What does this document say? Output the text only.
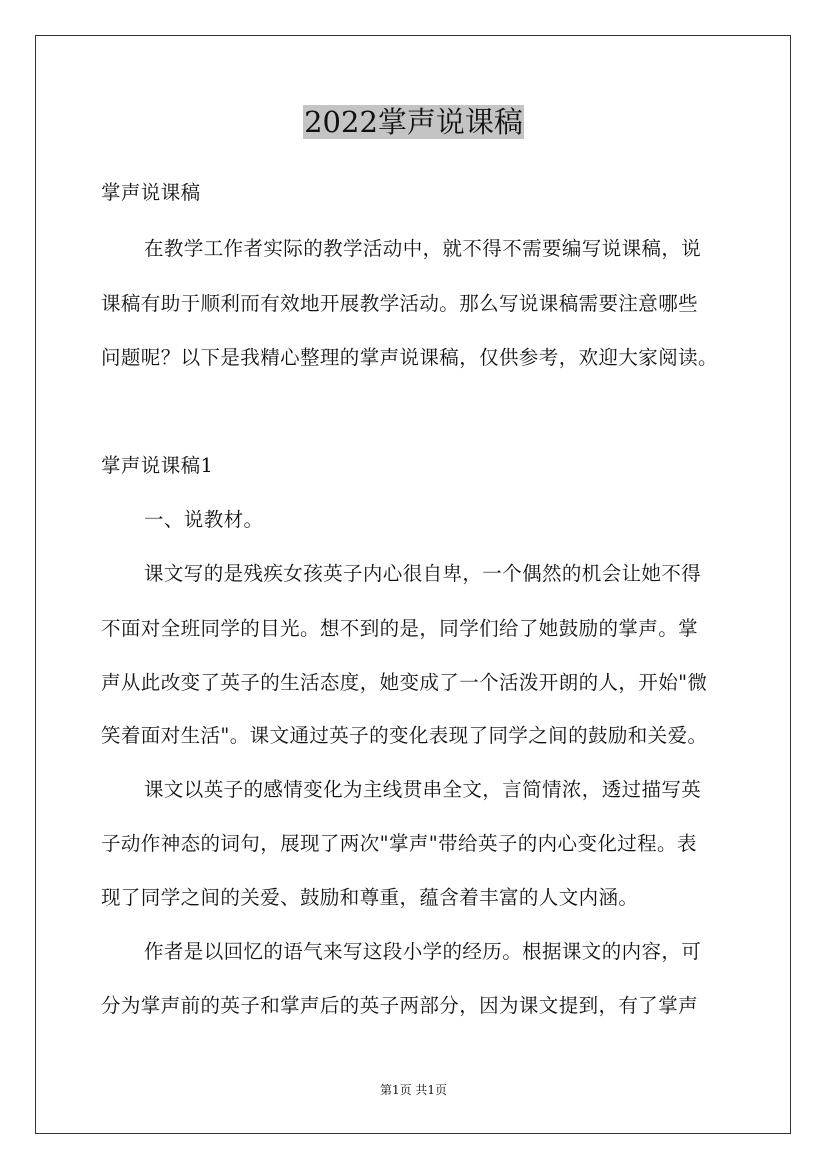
2022掌声说课稿
掌声说课稿
在教学工作者实际的教学活动中，就不得不需要编写说课稿，说
课稿有助于顺利而有效地开展教学活动。那么写说课稿需要注意哪些
问题呢？以下是我精心整理的掌声说课稿，仅供参考，欢迎大家阅读。
掌声说课稿1
一、说教材。
课文写的是残疾女孩英子内心很自卑，一个偶然的机会让她不得
不面对全班同学的目光。想不到的是，同学们给了她鼓励的掌声。掌
声从此改变了英子的生活态度，她变成了一个活泼开朗的人，开始"微
笑着面对生活"。课文通过英子的变化表现了同学之间的鼓励和关爱。
课文以英子的感情变化为主线贯串全文，言简情浓，透过描写英
子动作神态的词句，展现了两次"掌声"带给英子的内心变化过程。表
现了同学之间的关爱、鼓励和尊重，蕴含着丰富的人文内涵。
作者是以回忆的语气来写这段小学的经历。根据课文的内容，可
分为掌声前的英子和掌声后的英子两部分，因为课文提到，有了掌声
第1页 共1页
